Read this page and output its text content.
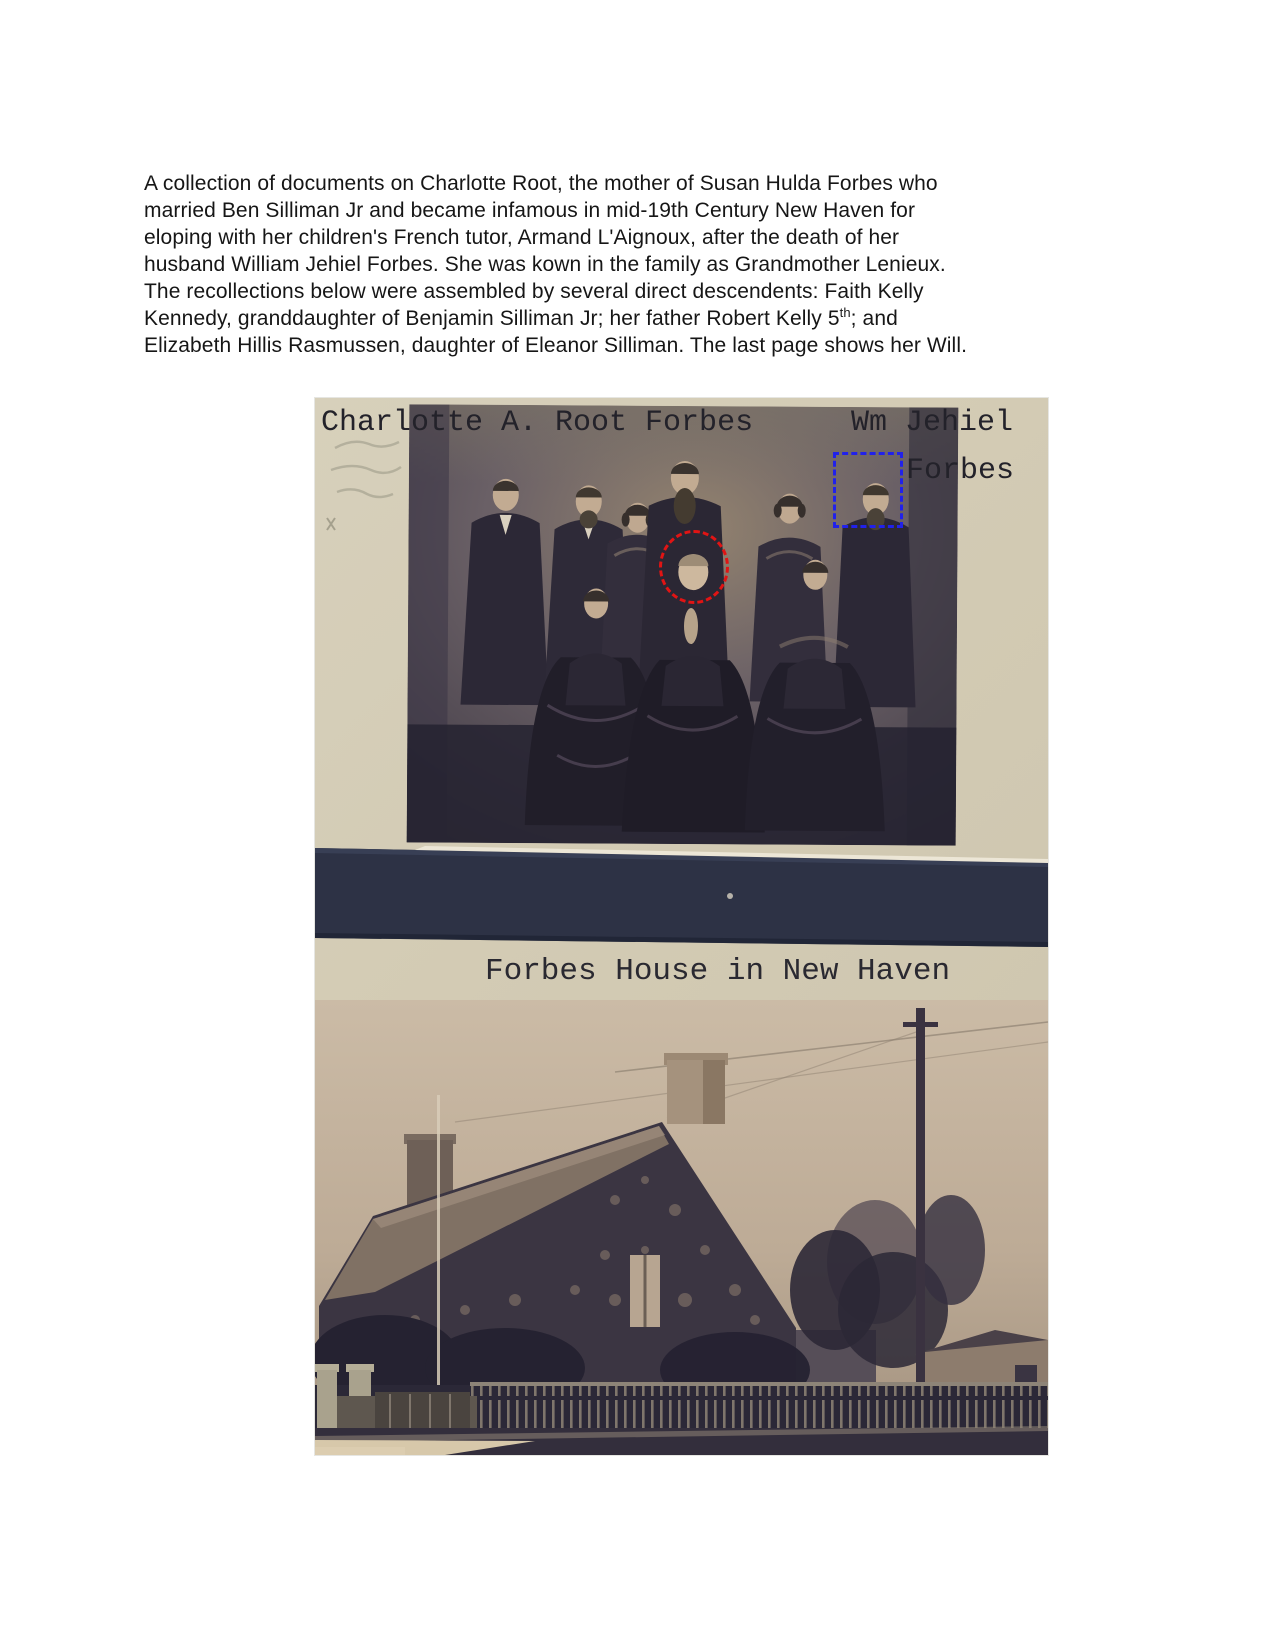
A collection of documents on Charlotte Root, the mother of Susan Hulda Forbes who
married Ben Silliman Jr and became infamous in mid-19th Century New Haven for
eloping with her children's French tutor, Armand L'Aignoux, after the death of her
husband William Jehiel Forbes. She was kown in the family as Grandmother Lenieux.
The recollections below were assembled by several direct descendents: Faith Kelly
Kennedy, granddaughter of Benjamin Silliman Jr; her father Robert Kelly 5th; and
Elizabeth Hillis Rasmussen, daughter of Eleanor Silliman. The last page shows her Will.
Charlotte A. Root Forbes	Wm Jehiel
Forbes
Forbes House in New Haven
